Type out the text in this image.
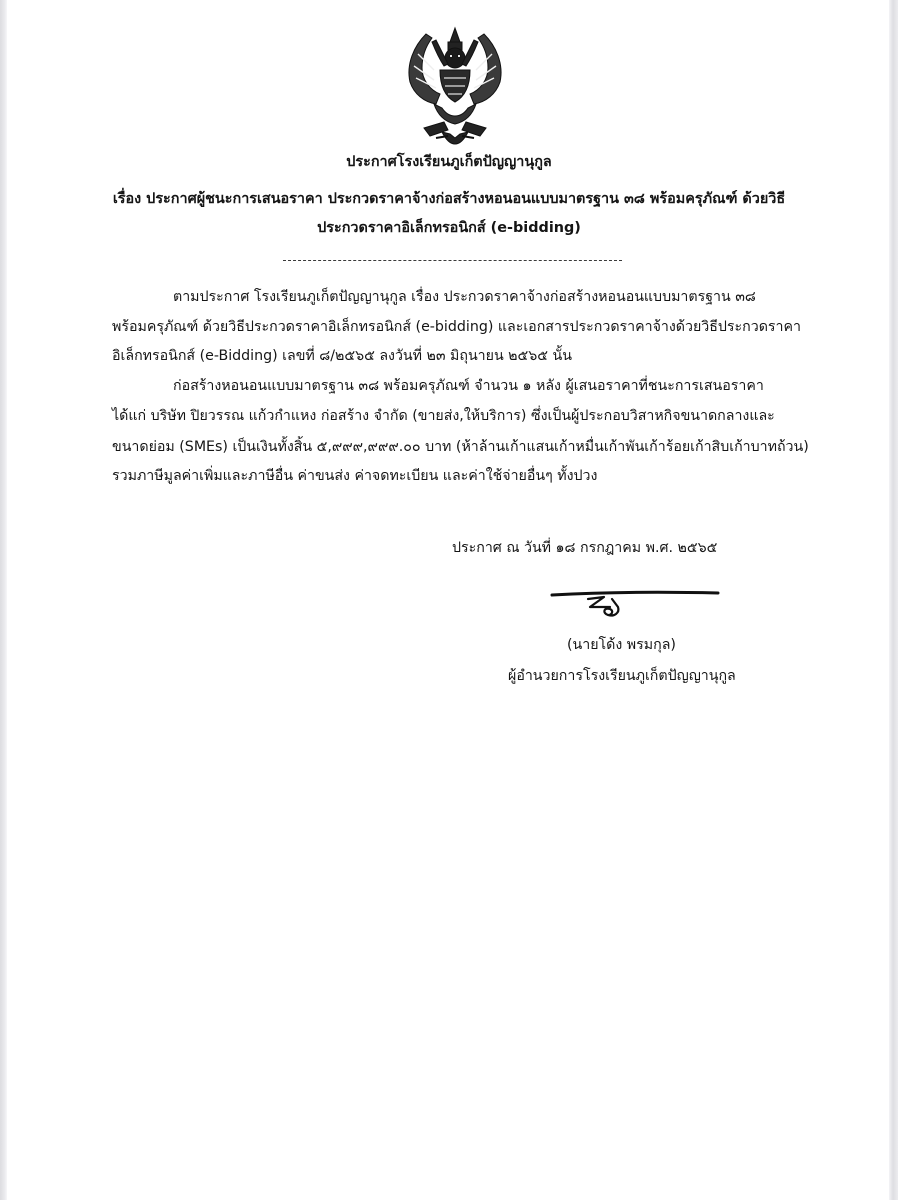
ประกาศโรงเรียนภูเก็ตปัญญานุกูล
เรื่อง ประกาศผู้ชนะการเสนอราคา ประกวดราคาจ้างก่อสร้างหอนอนแบบมาตรฐาน ๓๘ พร้อมครุภัณฑ์ ด้วยวิธี
ประกวดราคาอิเล็กทรอนิกส์ (e-bidding)
ตามประกาศ โรงเรียนภูเก็ตปัญญานุกูล เรื่อง ประกวดราคาจ้างก่อสร้างหอนอนแบบมาตรฐาน ๓๘
พร้อมครุภัณฑ์ ด้วยวิธีประกวดราคาอิเล็กทรอนิกส์ (e-bidding) และเอกสารประกวดราคาจ้างด้วยวิธีประกวดราคา
อิเล็กทรอนิกส์ (e-Bidding) เลขที่ ๘/๒๕๖๕ ลงวันที่ ๒๓ มิถุนายน ๒๕๖๕ นั้น
ก่อสร้างหอนอนแบบมาตรฐาน ๓๘ พร้อมครุภัณฑ์ จำนวน ๑ หลัง ผู้เสนอราคาที่ชนะการเสนอราคา
ได้แก่ บริษัท ปิยวรรณ แก้วกำแหง ก่อสร้าง จำกัด (ขายส่ง,ให้บริการ) ซึ่งเป็นผู้ประกอบวิสาหกิจขนาดกลางและ
ขนาดย่อม (SMEs) เป็นเงินทั้งสิ้น ๕,๙๙๙,๙๙๙.๐๐ บาท (ห้าล้านเก้าแสนเก้าหมื่นเก้าพันเก้าร้อยเก้าสิบเก้าบาทถ้วน)
รวมภาษีมูลค่าเพิ่มและภาษีอื่น ค่าขนส่ง ค่าจดทะเบียน และค่าใช้จ่ายอื่นๆ ทั้งปวง
ประกาศ ณ วันที่ ๑๘ กรกฎาคม พ.ศ. ๒๕๖๕
(นายโด้ง พรมกุล)
ผู้อำนวยการโรงเรียนภูเก็ตปัญญานุกูล
